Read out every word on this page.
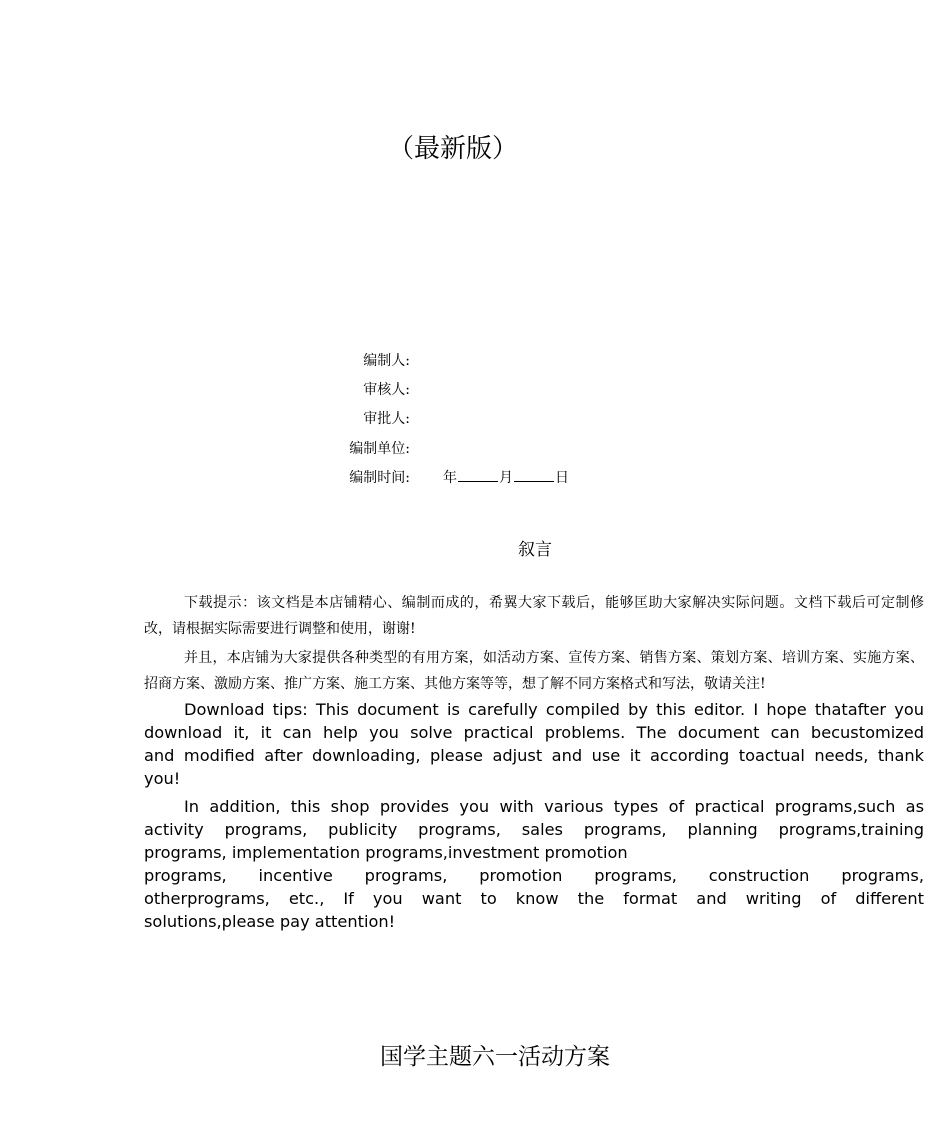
（最新版）
编制人:
审核人:
审批人:
编制单位:
编制时间: 年	月	日
叙言
下载提示：该文档是本店铺精心、编制而成的，希翼大家下载后，能够匡助大家解决实际问题。文档下载后可定制修改，请根据实际需要进行调整和使用，谢谢!
并且，本店铺为大家提供各种类型的有用方案，如活动方案、宣传方案、销售方案、策划方案、培训方案、实施方案、招商方案、激励方案、推广方案、施工方案、其他方案等等，想了解不同方案格式和写法，敬请关注!
Download tips: This document is carefully compiled by this editor. I hope thatafter you
download it, it can help you solve practical problems. The document can becustomized
and modified after downloading, please adjust and use it according toactual needs, thank
you!
In addition, this shop provides you with various types of practical programs,such as
activity programs, publicity programs, sales programs, planning programs,training
programs, implementation programs,investment promotion
programs, incentive programs, promotion programs, construction programs,
otherprograms, etc., If you want to know the format and writing of different
solutions,please pay attention!
国学主题六一活动方案
